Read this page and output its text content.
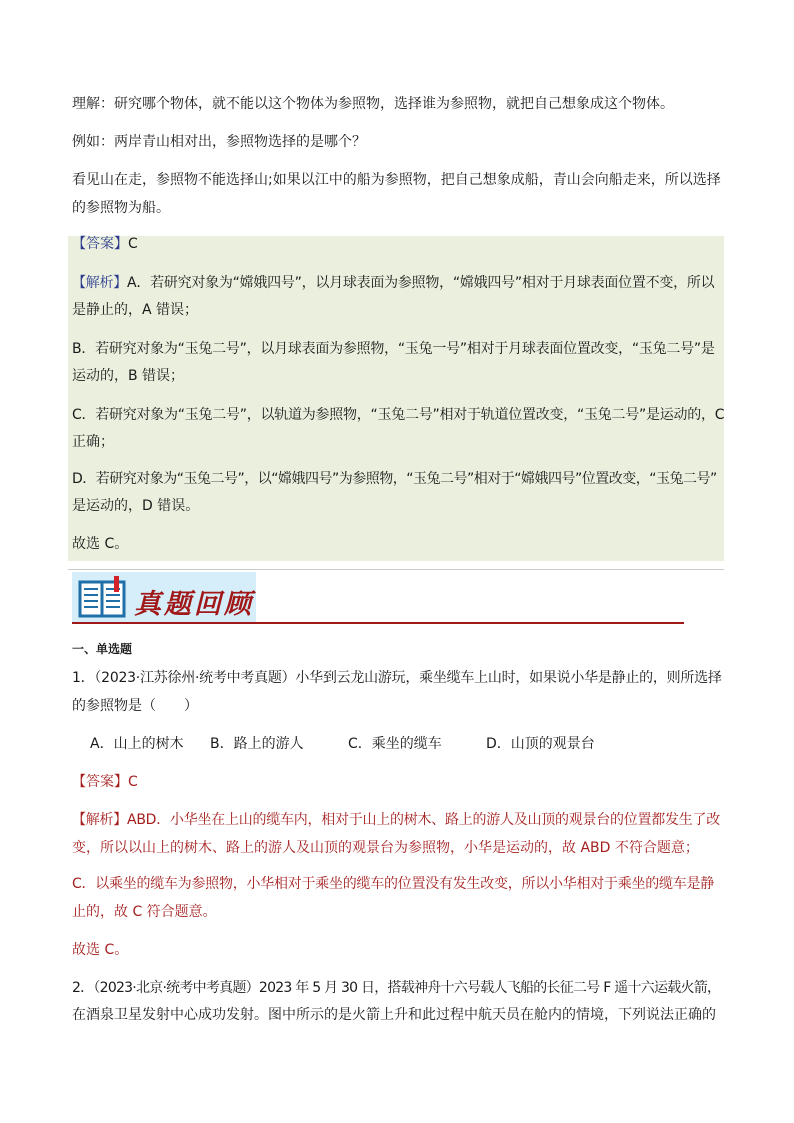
理解：研究哪个物体，就不能以这个物体为参照物，选择谁为参照物，就把自己想象成这个物体。
例如：两岸青山相对出，参照物选择的是哪个？
看见山在走，参照物不能选择山;如果以江中的船为参照物，把自己想象成船，青山会向船走来，所以选择
的参照物为船。
【答案】C
【解析】A．若研究对象为“嫦娥四号”，以月球表面为参照物，“嫦娥四号”相对于月球表面位置不变，所以
是静止的，A 错误；
B．若研究对象为“玉兔二号”，以月球表面为参照物，“玉兔一号”相对于月球表面位置改变，“玉兔二号”是
运动的，B 错误；
C．若研究对象为“玉兔二号”，以轨道为参照物，“玉兔二号”相对于轨道位置改变，“玉兔二号”是运动的，C
正确；
D．若研究对象为“玉兔二号”，以“嫦娥四号”为参照物，“玉兔二号”相对于“嫦娥四号”位置改变，“玉兔二号”
是运动的，D 错误。
故选 C。
真题回顾
一、单选题
1．（2023·江苏徐州·统考中考真题）小华到云龙山游玩，乘坐缆车上山时，如果说小华是静止的，则所选择
的参照物是（　　）
A．山上的树木 B．路上的游人	C．乘坐的缆车	D．山顶的观景台
【答案】C
【解析】ABD．小华坐在上山的缆车内，相对于山上的树木、路上的游人及山顶的观景台的位置都发生了改
变，所以以山上的树木、路上的游人及山顶的观景台为参照物，小华是运动的，故 ABD 不符合题意；
C．以乘坐的缆车为参照物，小华相对于乘坐的缆车的位置没有发生改变，所以小华相对于乘坐的缆车是静
止的，故 C 符合题意。
故选 C。
2．（2023·北京·统考中考真题）2023 年 5 月 30 日，搭载神舟十六号载人飞船的长征二号 F 遥十六运载火箭，
在酒泉卫星发射中心成功发射。图中所示的是火箭上升和此过程中航天员在舱内的情境，下列说法正确的
